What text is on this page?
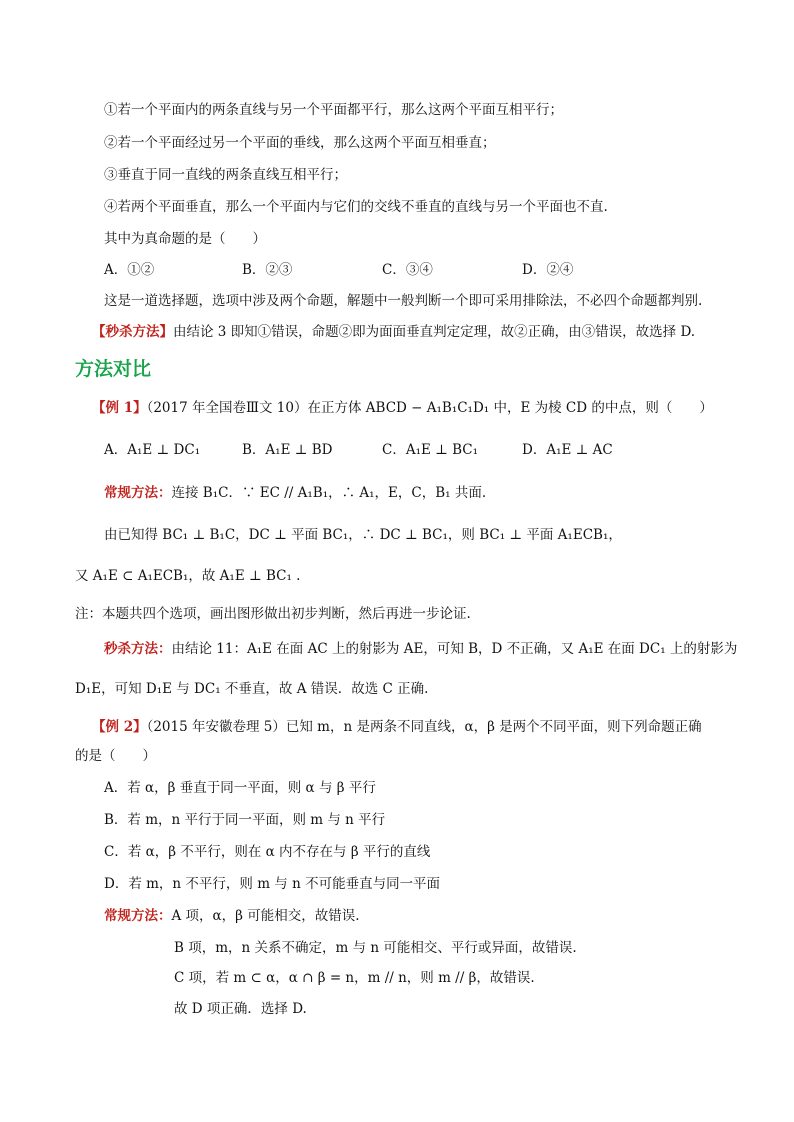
①若一个平面内的两条直线与另一个平面都平行，那么这两个平面互相平行；
②若一个平面经过另一个平面的垂线，那么这两个平面互相垂直；
③垂直于同一直线的两条直线互相平行；
④若两个平面垂直，那么一个平面内与它们的交线不垂直的直线与另一个平面也不直.
其中为真命题的是（　　）
A．①②	B．②③	C．③④	D．②④
这是一道选择题，选项中涉及两个命题，解题中一般判断一个即可采用排除法，不必四个命题都判别.
【秒杀方法】由结论 3 即知①错误，命题②即为面面垂直判定定理，故②正确，由③错误，故选择 D.
方法对比
【例 1】（2017 年全国卷Ⅲ文 10）在正方体 ABCD − A₁B₁C₁D₁ 中，E 为棱 CD 的中点，则（　　）
A．A₁E ⊥ DC₁	B．A₁E ⊥ BD	C．A₁E ⊥ BC₁	D．A₁E ⊥ AC
常规方法：连接 B₁C．∵ EC // A₁B₁，∴ A₁，E，C，B₁ 共面.
由已知得 BC₁ ⊥ B₁C，DC ⊥ 平面 BC₁，∴ DC ⊥ BC₁，则 BC₁ ⊥ 平面 A₁ECB₁，
又 A₁E ⊂ A₁ECB₁，故 A₁E ⊥ BC₁ .
注：本题共四个选项，画出图形做出初步判断，然后再进一步论证.
秒杀方法：由结论 11：A₁E 在面 AC 上的射影为 AE，可知 B，D 不正确，又 A₁E 在面 DC₁ 上的射影为
D₁E，可知 D₁E 与 DC₁ 不垂直，故 A 错误．故选 C 正确.
【例 2】（2015 年安徽卷理 5）已知 m，n 是两条不同直线，α，β 是两个不同平面，则下列命题正确
的是（　　）
A．若 α，β 垂直于同一平面，则 α 与 β 平行
B．若 m，n 平行于同一平面，则 m 与 n 平行
C．若 α，β 不平行，则在 α 内不存在与 β 平行的直线
D．若 m，n 不平行，则 m 与 n 不可能垂直与同一平面
常规方法：A 项，α，β 可能相交，故错误.
B 项，m，n 关系不确定，m 与 n 可能相交、平行或异面，故错误.
C 项，若 m ⊂ α，α ∩ β = n，m // n，则 m // β，故错误.
故 D 项正确．选择 D.
